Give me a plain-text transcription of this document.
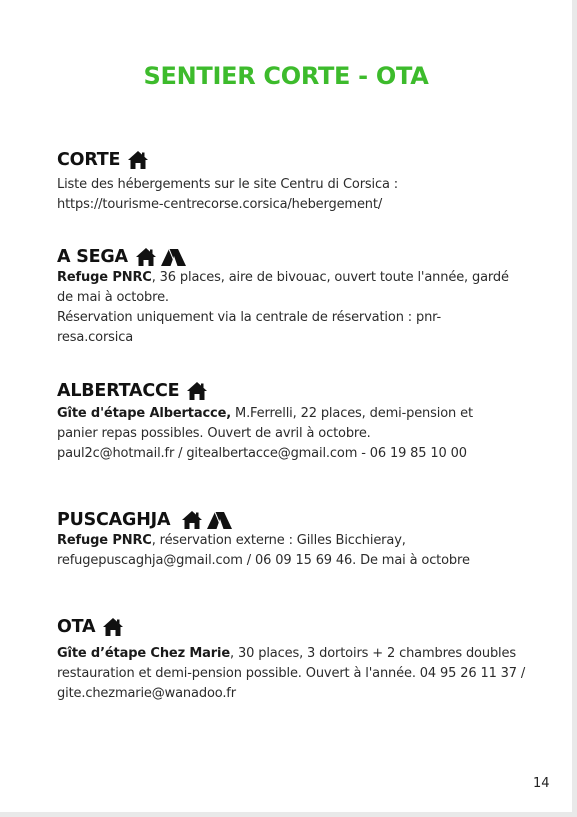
SENTIER CORTE - OTA
CORTE
Liste des hébergements sur le site Centru di Corsica :
https://tourisme-centrecorse.corsica/hebergement/
A SEGA
Refuge PNRC, 36 places, aire de bivouac, ouvert toute l'année, gardé
de mai à octobre.
Réservation uniquement via la centrale de réservation : pnr-
resa.corsica
ALBERTACCE
Gîte d'étape Albertacce, M.Ferrelli, 22 places, demi-pension et
panier repas possibles. Ouvert de avril à octobre.
paul2c@hotmail.fr / gitealbertacce@gmail.com - 06 19 85 10 00
PUSCAGHJA
Refuge PNRC, réservation externe : Gilles Bicchieray,
refugepuscaghja@gmail.com / 06 09 15 69 46. De mai à octobre
OTA
Gîte d’étape Chez Marie, 30 places, 3 dortoirs + 2 chambres doubles
restauration et demi-pension possible. Ouvert à l'année. 04 95 26 11 37 /
gite.chezmarie@wanadoo.fr
14
